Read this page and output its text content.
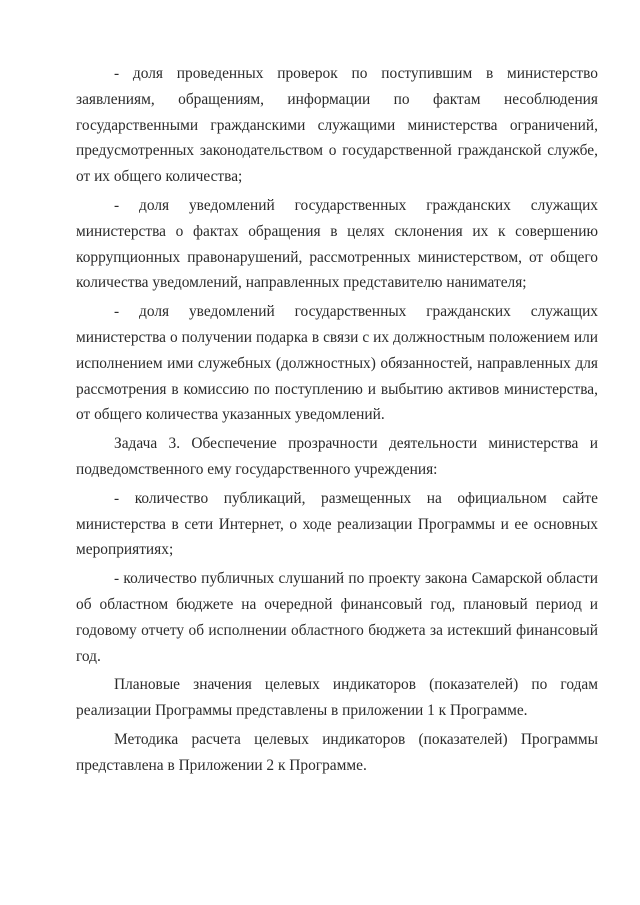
- доля проведенных проверок по поступившим в министерство заявлениям, обращениям, информации по фактам несоблюдения государственными гражданскими служащими министерства ограничений, предусмотренных законодательством о государственной гражданской службе, от их общего количества;

- доля уведомлений государственных гражданских служащих министерства о фактах обращения в целях склонения их к совершению коррупционных правонарушений, рассмотренных министерством, от общего количества уведомлений, направленных представителю нанимателя;

- доля уведомлений государственных гражданских служащих министерства о получении подарка в связи с их должностным положением или исполнением ими служебных (должностных) обязанностей, направленных для рассмотрения в комиссию по поступлению и выбытию активов министерства, от общего количества указанных уведомлений.

Задача 3. Обеспечение прозрачности деятельности министерства и подведомственного ему государственного учреждения:

- количество публикаций, размещенных на официальном сайте министерства в сети Интернет, о ходе реализации Программы и ее основных мероприятиях;

- количество публичных слушаний по проекту закона Самарской области об областном бюджете на очередной финансовый год, плановый период и годовому отчету об исполнении областного бюджета за истекший финансовый год.

Плановые значения целевых индикаторов (показателей) по годам реализации Программы представлены в приложении 1 к Программе.

Методика расчета целевых индикаторов (показателей) Программы представлена в Приложении 2 к Программе.
